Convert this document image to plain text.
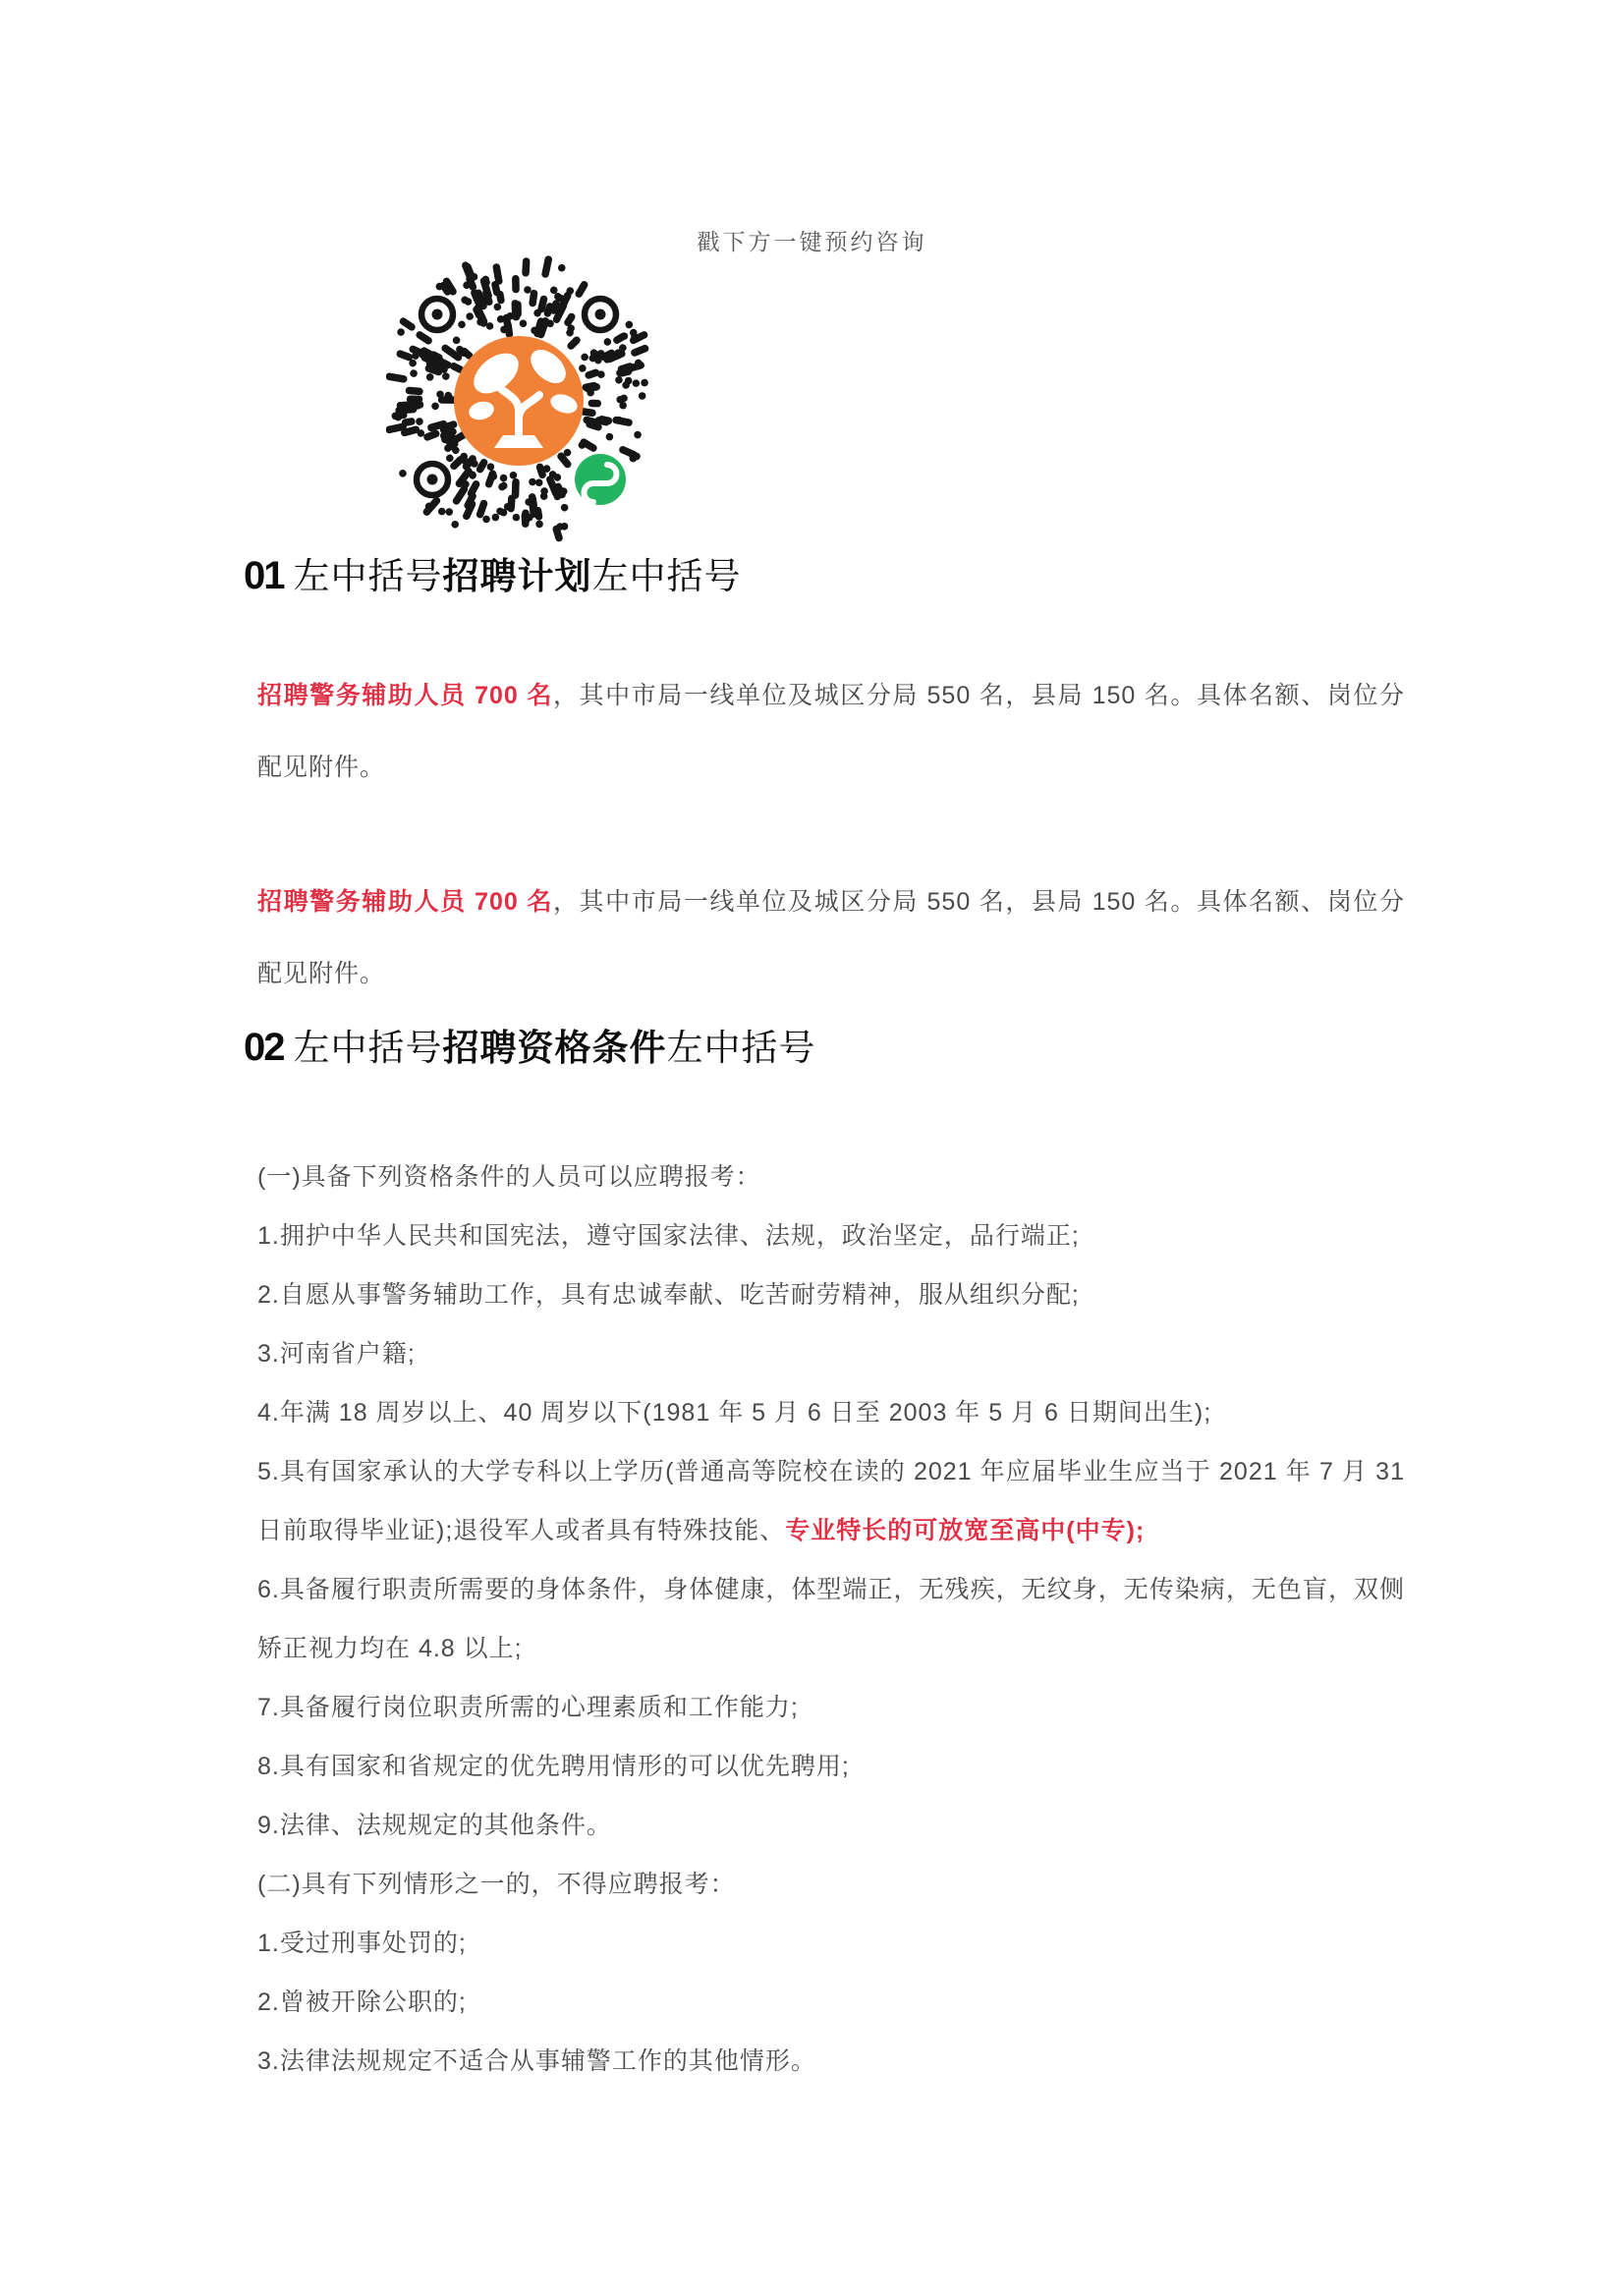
戳下方一键预约咨询
01 左中括号招聘计划左中括号

招聘警务辅助人员 700 名，其中市局一线单位及城区分局 550 名，县局 150 名。具体名额、岗位分配见附件。

招聘警务辅助人员 700 名，其中市局一线单位及城区分局 550 名，县局 150 名。具体名额、岗位分配见附件。

02 左中括号招聘资格条件左中括号

(一)具备下列资格条件的人员可以应聘报考：

1.拥护中华人民共和国宪法，遵守国家法律、法规，政治坚定，品行端正;

2.自愿从事警务辅助工作，具有忠诚奉献、吃苦耐劳精神，服从组织分配;

3.河南省户籍;

4.年满 18 周岁以上、40 周岁以下(1981 年 5 月 6 日至 2003 年 5 月 6 日期间出生);

5.具有国家承认的大学专科以上学历(普通高等院校在读的 2021 年应届毕业生应当于 2021 年 7 月 31 日前取得毕业证);退役军人或者具有特殊技能、专业特长的可放宽至高中(中专);

6.具备履行职责所需要的身体条件，身体健康，体型端正，无残疾，无纹身，无传染病，无色盲，双侧矫正视力均在 4.8 以上;

7.具备履行岗位职责所需的心理素质和工作能力;

8.具有国家和省规定的优先聘用情形的可以优先聘用;

9.法律、法规规定的其他条件。

(二)具有下列情形之一的，不得应聘报考：

1.受过刑事处罚的;

2.曾被开除公职的;

3.法律法规规定不适合从事辅警工作的其他情形。
